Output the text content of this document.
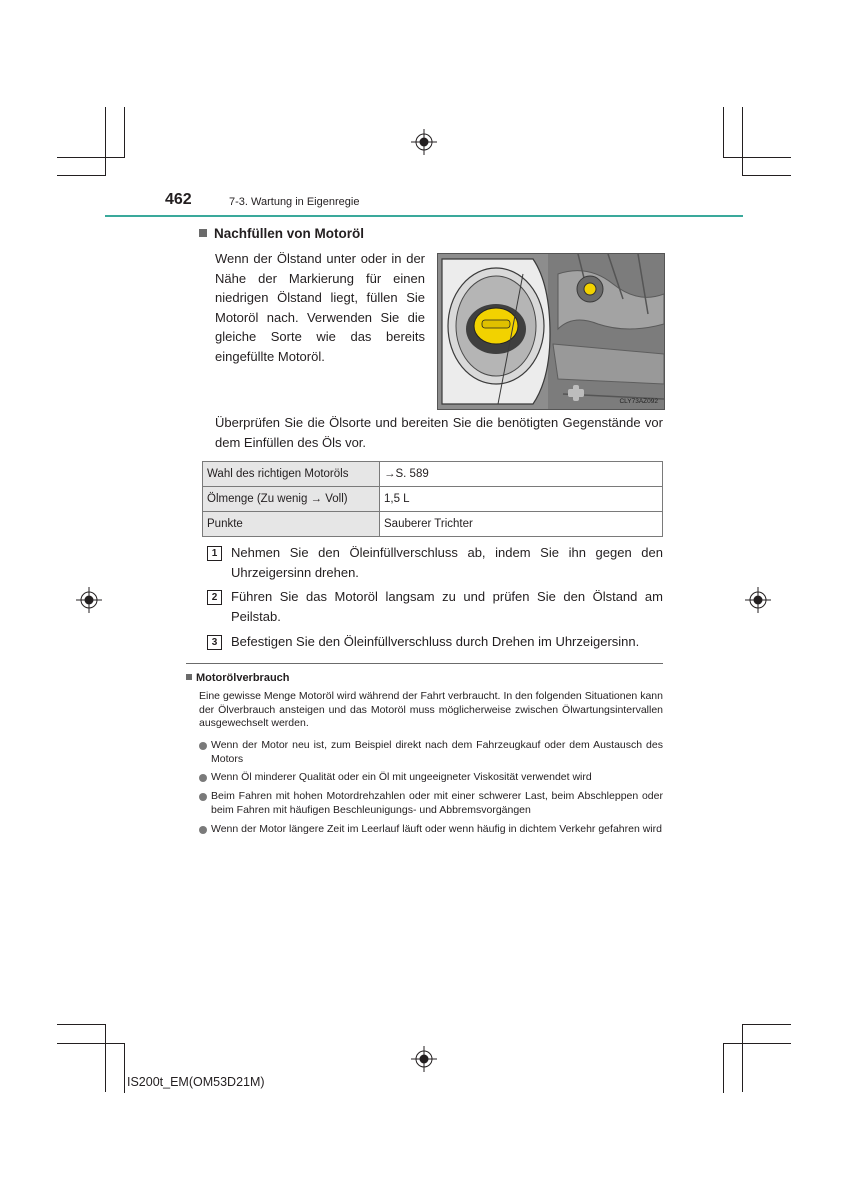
462	7-3. Wartung in Eigenregie
Nachfüllen von Motoröl
Wenn der Ölstand unter oder in der Nähe der Markierung für einen niedrigen Ölstand liegt, füllen Sie Motoröl nach. Verwenden Sie die gleiche Sorte wie das bereits eingefüllte Motoröl.
CLY73AZ092
Überprüfen Sie die Ölsorte und bereiten Sie die benötigten Gegenstände vor dem Einfüllen des Öls vor.
Wahl des richtigen Motoröls	→S. 589
Ölmenge (Zu wenig → Voll)	1,5 L
Punkte	Sauberer Trichter
1	Nehmen Sie den Öleinfüllverschluss ab, indem Sie ihn gegen den Uhrzeigersinn drehen.
2	Führen Sie das Motoröl langsam zu und prüfen Sie den Ölstand am Peilstab.
3	Befestigen Sie den Öleinfüllverschluss durch Drehen im Uhrzeigersinn.
Motorölverbrauch
Eine gewisse Menge Motoröl wird während der Fahrt verbraucht. In den folgenden Situationen kann der Ölverbrauch ansteigen und das Motoröl muss möglicherweise zwischen Ölwartungsintervallen ausgewechselt werden.
Wenn der Motor neu ist, zum Beispiel direkt nach dem Fahrzeugkauf oder dem Austausch des Motors
Wenn Öl minderer Qualität oder ein Öl mit ungeeigneter Viskosität verwendet wird
Beim Fahren mit hohen Motordrehzahlen oder mit einer schwerer Last, beim Abschleppen oder beim Fahren mit häufigen Beschleunigungs- und Abbremsvorgängen
Wenn der Motor längere Zeit im Leerlauf läuft oder wenn häufig in dichtem Verkehr gefahren wird
IS200t_EM(OM53D21M)
